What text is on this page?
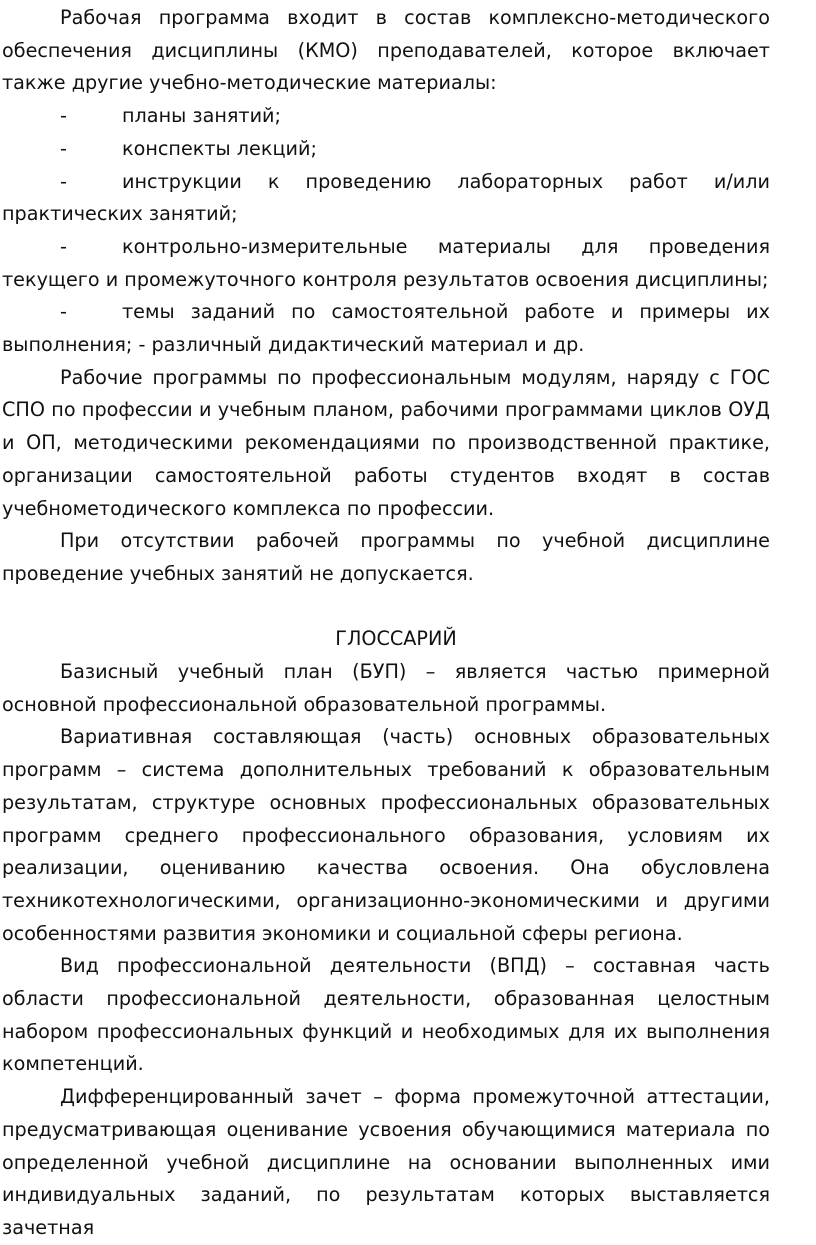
Рабочая программа входит в состав комплексно-методического обеспечения дисциплины (КМО) преподавателей, которое включает также другие учебно-методические материалы:

-	планы занятий;

-	конспекты лекций;

-	инструкции к проведению лабораторных работ и/или практических занятий;

-	контрольно-измерительные материалы для проведения текущего и промежуточного контроля результатов освоения дисциплины;

-	темы заданий по самостоятельной работе и примеры их выполнения; - различный дидактический материал и др.

Рабочие программы по профессиональным модулям, наряду с ГОС СПО по профессии и учебным планом, рабочими программами циклов ОУД и ОП, методическими рекомендациями по производственной практике, организации самостоятельной работы студентов входят в состав учебнометодического комплекса по профессии.

При отсутствии рабочей программы по учебной дисциплине проведение учебных занятий не допускается.

ГЛОССАРИЙ

Базисный учебный план (БУП) – является частью примерной основной профессиональной образовательной программы.

Вариативная составляющая (часть) основных образовательных программ – система дополнительных требований к образовательным результатам, структуре основных профессиональных образовательных программ среднего профессионального образования, условиям их реализации, оцениванию качества освоения. Она обусловлена техникотехнологическими, организационно-экономическими и другими особенностями развития экономики и социальной сферы региона.

Вид профессиональной деятельности (ВПД) – составная часть области профессиональной деятельности, образованная целостным набором профессиональных функций и необходимых для их выполнения компетенций.

Дифференцированный зачет – форма промежуточной аттестации, предусматривающая оценивание усвоения обучающимися материала по определенной учебной дисциплине на основании выполненных ими индивидуальных заданий, по результатам которых выставляется зачетная
